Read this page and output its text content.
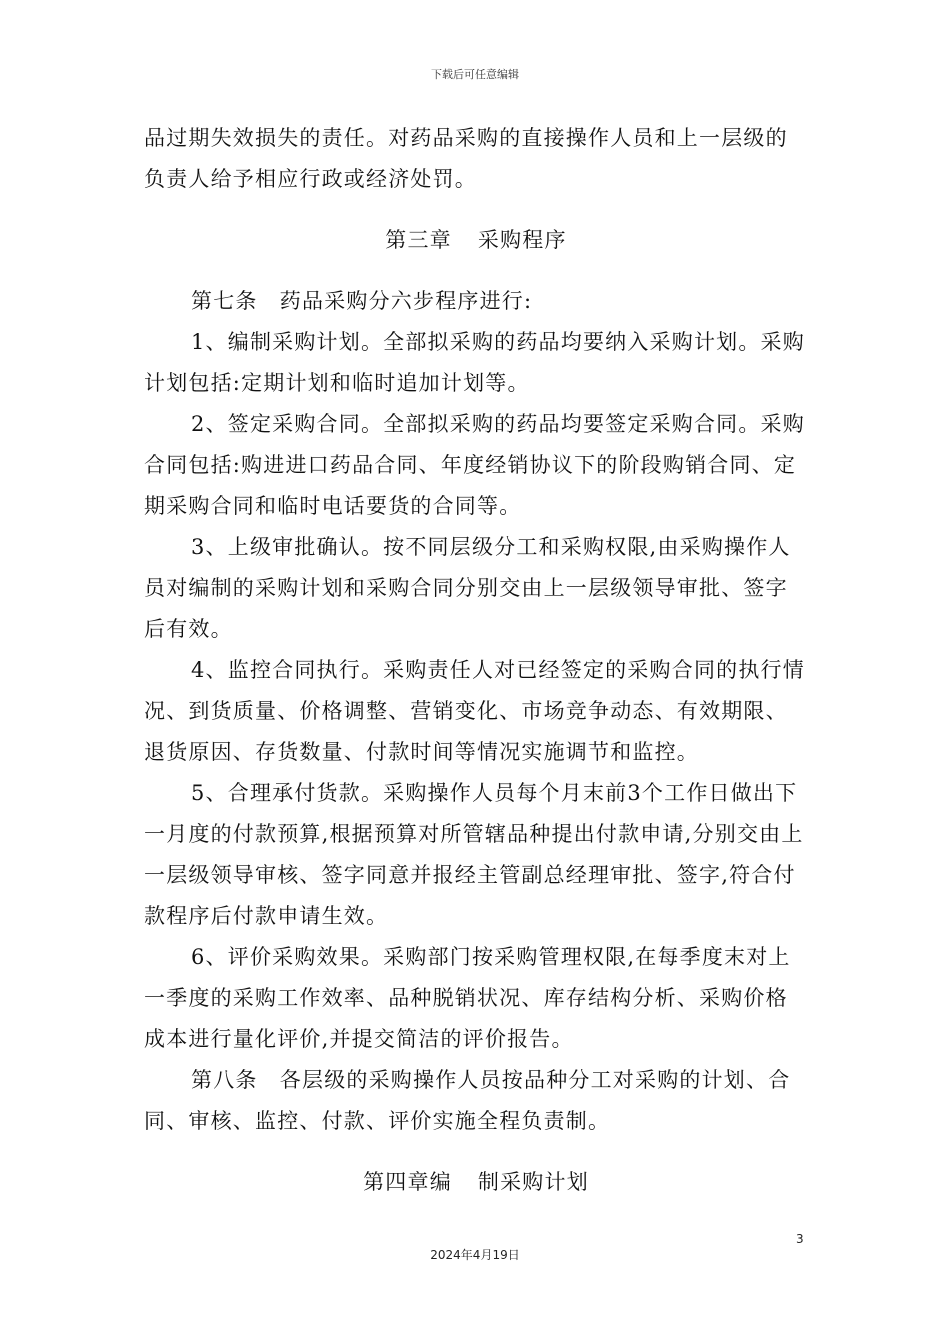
下载后可任意编辑

品过期失效损失的责任。对药品采购的直接操作人员和上一层级的负责人给予相应行政或经济处罚。

第三章 采购程序

第七条　药品采购分六步程序进行:

1、编制采购计划。全部拟采购的药品均要纳入采购计划。采购计划包括:定期计划和临时追加计划等。

2、签定采购合同。全部拟采购的药品均要签定采购合同。采购合同包括:购进进口药品合同、年度经销协议下的阶段购销合同、定期采购合同和临时电话要货的合同等。

3、上级审批确认。按不同层级分工和采购权限,由采购操作人员对编制的采购计划和采购合同分别交由上一层级领导审批、签字后有效。

4、监控合同执行。采购责任人对已经签定的采购合同的执行情况、到货质量、价格调整、营销变化、市场竞争动态、有效期限、退货原因、存货数量、付款时间等情况实施调节和监控。

5、合理承付货款。采购操作人员每个月末前3个工作日做出下一月度的付款预算,根据预算对所管辖品种提出付款申请,分别交由上一层级领导审核、签字同意并报经主管副总经理审批、签字,符合付款程序后付款申请生效。

6、评价采购效果。采购部门按采购管理权限,在每季度末对上一季度的采购工作效率、品种脱销状况、库存结构分析、采购价格成本进行量化评价,并提交简洁的评价报告。

第八条　各层级的采购操作人员按品种分工对采购的计划、合同、审核、监控、付款、评价实施全程负责制。

第四章编 制采购计划

3
2024年4月19日
